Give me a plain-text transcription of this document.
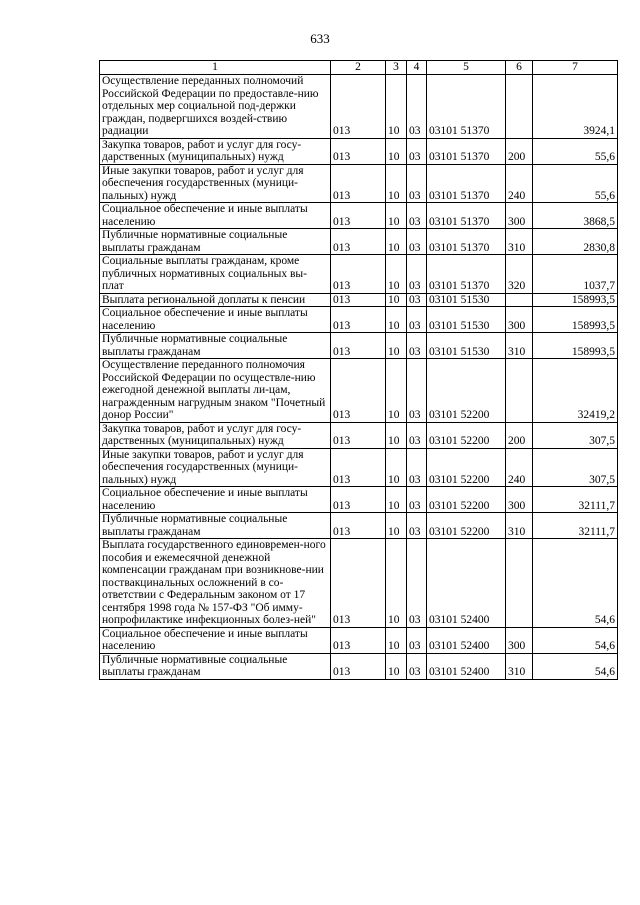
633
1	2	3	4	5	6	7
Осуществление переданных полномочий Российской Федерации по предоставле-нию отдельных мер социальной под-держки граждан, подвергшихся воздей-ствию радиации	013	10	03	03101 51370		3924,1
Закупка товаров, работ и услуг для госу-дарственных (муниципальных) нужд	013	10	03	03101 51370	200	55,6
Иные закупки товаров, работ и услуг для обеспечения государственных (муници-пальных) нужд	013	10	03	03101 51370	240	55,6
Социальное обеспечение и иные выплаты населению	013	10	03	03101 51370	300	3868,5
Публичные нормативные социальные выплаты гражданам	013	10	03	03101 51370	310	2830,8
Социальные выплаты гражданам, кроме публичных нормативных социальных вы-плат	013	10	03	03101 51370	320	1037,7
Выплата региональной доплаты к пенсии	013	10	03	03101 51530		158993,5
Социальное обеспечение и иные выплаты населению	013	10	03	03101 51530	300	158993,5
Публичные нормативные социальные выплаты гражданам	013	10	03	03101 51530	310	158993,5
Осуществление переданного полномочия Российской Федерации по осуществле-нию ежегодной денежной выплаты ли-цам, награжденным нагрудным знаком "Почетный донор России"	013	10	03	03101 52200		32419,2
Закупка товаров, работ и услуг для госу-дарственных (муниципальных) нужд	013	10	03	03101 52200	200	307,5
Иные закупки товаров, работ и услуг для обеспечения государственных (муници-пальных) нужд	013	10	03	03101 52200	240	307,5
Социальное обеспечение и иные выплаты населению	013	10	03	03101 52200	300	32111,7
Публичные нормативные социальные выплаты гражданам	013	10	03	03101 52200	310	32111,7
Выплата государственного единовремен-ного пособия и ежемесячной денежной компенсации гражданам при возникнове-нии поствакцинальных осложнений в со-ответствии с Федеральным законом от 17 сентября 1998 года № 157-ФЗ "Об имму-нопрофилактике инфекционных болез-ней"	013	10	03	03101 52400		54,6
Социальное обеспечение и иные выплаты населению	013	10	03	03101 52400	300	54,6
Публичные нормативные социальные выплаты гражданам	013	10	03	03101 52400	310	54,6
